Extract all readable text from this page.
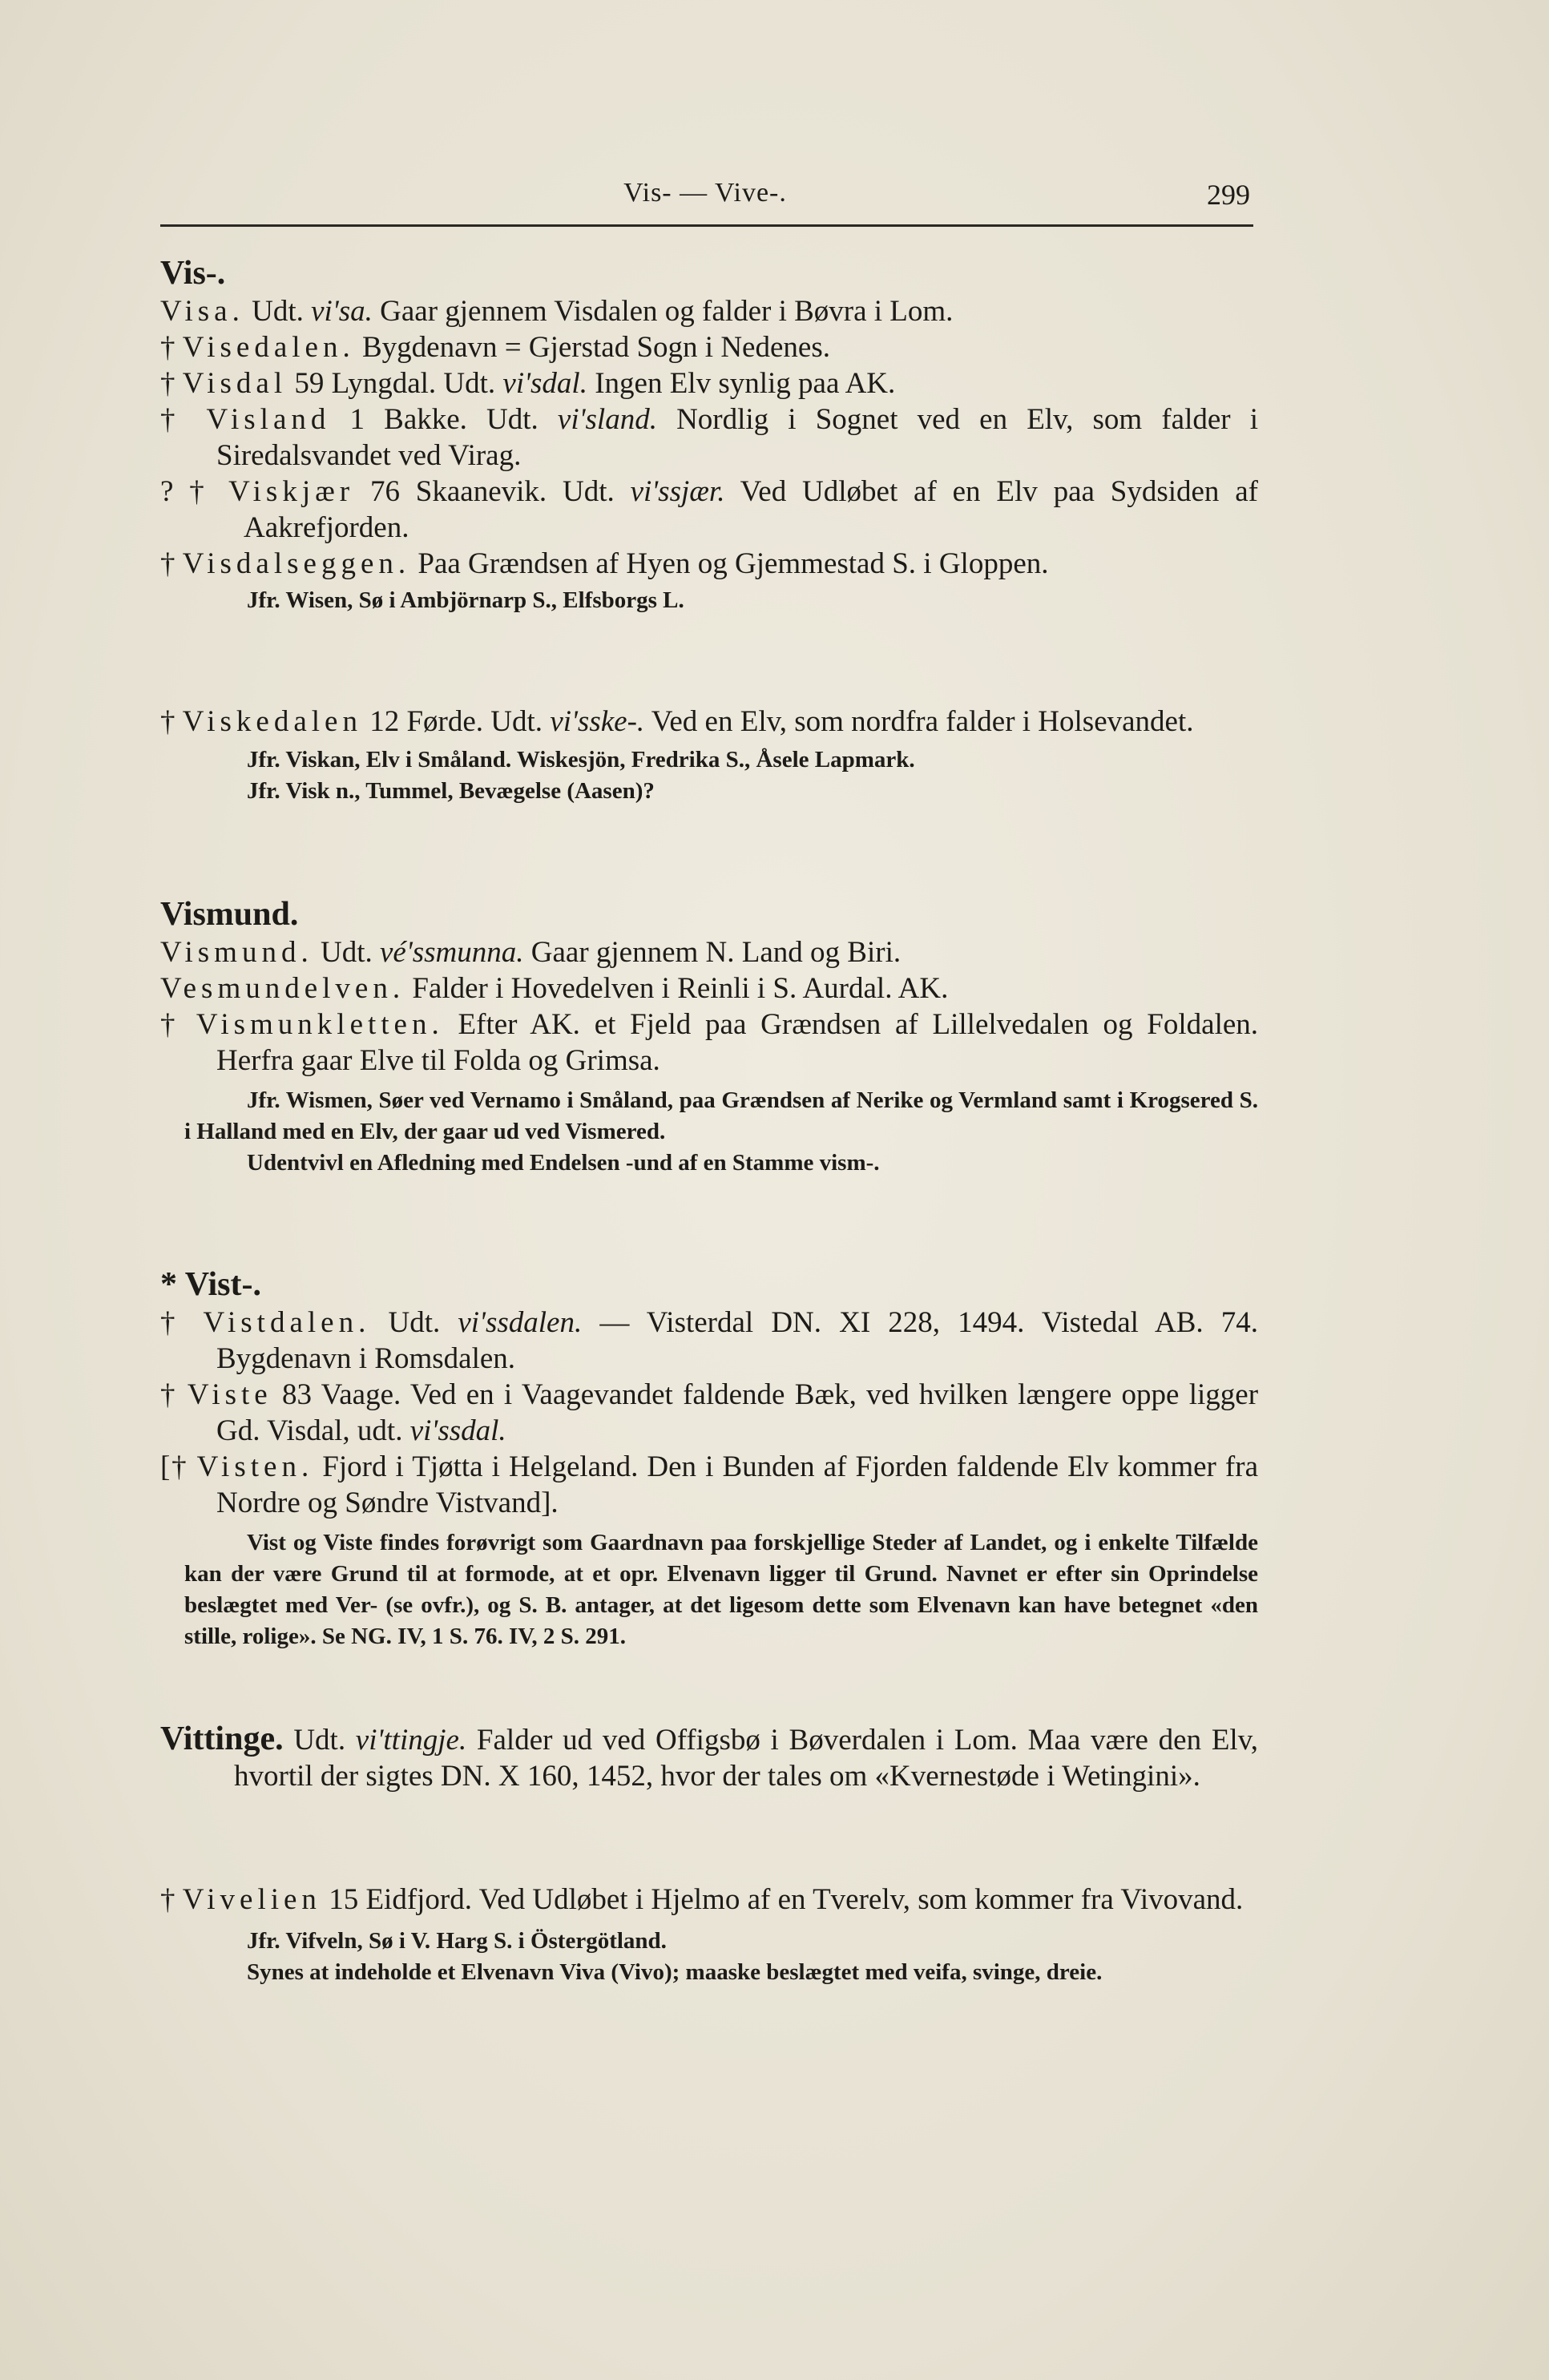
Vis- — Vive-.	299

Vis-.

Visa. Udt. vi'sa. Gaar gjennem Visdalen og falder i Bøvra i Lom.

† Visedalen. Bygdenavn = Gjerstad Sogn i Nedenes.

† Visdal 59 Lyngdal. Udt. vi'sdal. Ingen Elv synlig paa AK.

† Visland 1 Bakke. Udt. vi'sland. Nordlig i Sognet ved en Elv, som falder i Siredalsvandet ved Virag.

? † Viskjær 76 Skaanevik. Udt. vi'ssjær. Ved Udløbet af en Elv paa Sydsiden af Aakrefjorden.

† Visdalseggen. Paa Grændsen af Hyen og Gjemmestad S. i Gloppen.

Jfr. Wisen, Sø i Ambjörnarp S., Elfsborgs L.

† Viskedalen 12 Førde. Udt. vi'sske-. Ved en Elv, som nordfra falder i Holsevandet.

Jfr. Viskan, Elv i Småland. Wiskesjön, Fredrika S., Åsele Lapmark.

Jfr. Visk n., Tummel, Bevægelse (Aasen)?

Vismund.

Vismund. Udt. vé'ssmunna. Gaar gjennem N. Land og Biri.

Vesmundelven. Falder i Hovedelven i Reinli i S. Aurdal. AK.

† Vismunkletten. Efter AK. et Fjeld paa Grændsen af Lillelvedalen og Foldalen. Herfra gaar Elve til Folda og Grimsa.

Jfr. Wismen, Søer ved Vernamo i Småland, paa Grændsen af Nerike og Vermland samt i Krogsered S. i Halland med en Elv, der gaar ud ved Vismered.

Udentvivl en Afledning med Endelsen -und af en Stamme vism-.

* Vist-.

† Vistdalen. Udt. vi'ssdalen. — Visterdal DN. XI 228, 1494. Vistedal AB. 74. Bygdenavn i Romsdalen.

† Viste 83 Vaage. Ved en i Vaagevandet faldende Bæk, ved hvilken længere oppe ligger Gd. Visdal, udt. vi'ssdal.

[† Visten. Fjord i Tjøtta i Helgeland. Den i Bunden af Fjorden faldende Elv kommer fra Nordre og Søndre Vistvand].

Vist og Viste findes forøvrigt som Gaardnavn paa forskjellige Steder af Landet, og i enkelte Tilfælde kan der være Grund til at formode, at et opr. Elvenavn ligger til Grund. Navnet er efter sin Oprindelse beslægtet med Ver- (se ovfr.), og S. B. antager, at det ligesom dette som Elvenavn kan have betegnet «den stille, rolige». Se NG. IV, 1 S. 76. IV, 2 S. 291.

Vittinge. Udt. vi'ttingje. Falder ud ved Offigsbø i Bøverdalen i Lom. Maa være den Elv, hvortil der sigtes DN. X 160, 1452, hvor der tales om «Kvernestøde i Wetingini».

† Vivelien 15 Eidfjord. Ved Udløbet i Hjelmo af en Tverelv, som kommer fra Vivovand.

Jfr. Vifveln, Sø i V. Harg S. i Östergötland.

Synes at indeholde et Elvenavn Viva (Vivo); maaske beslægtet med veifa, svinge, dreie.
